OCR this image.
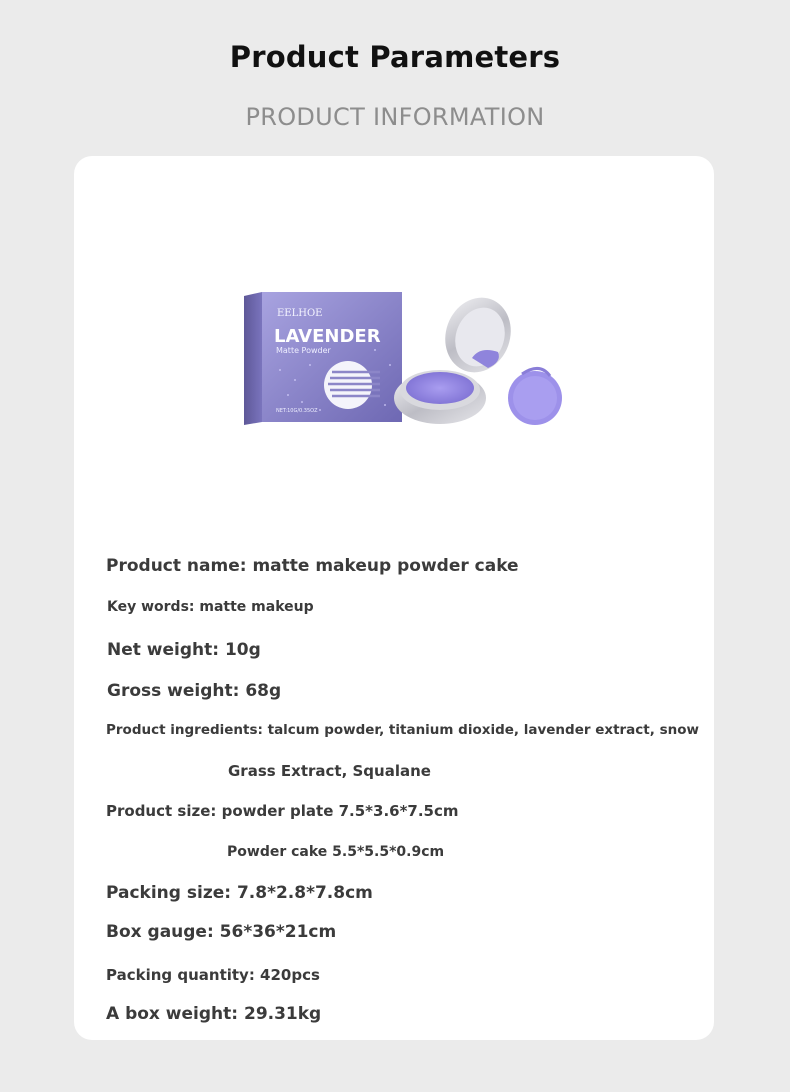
Product Parameters
PRODUCT INFORMATION
EELHOE
LAVENDER
Matte Powder
NET:10G/0.35OZ
Product name: matte makeup powder cake
Key words: matte makeup
Net weight: 10g
Gross weight: 68g
Product ingredients: talcum powder, titanium dioxide, lavender extract, snow
Grass Extract, Squalane
Product size: powder plate 7.5*3.6*7.5cm
Powder cake 5.5*5.5*0.9cm
Packing size: 7.8*2.8*7.8cm
Box gauge: 56*36*21cm
Packing quantity: 420pcs
A box weight: 29.31kg
